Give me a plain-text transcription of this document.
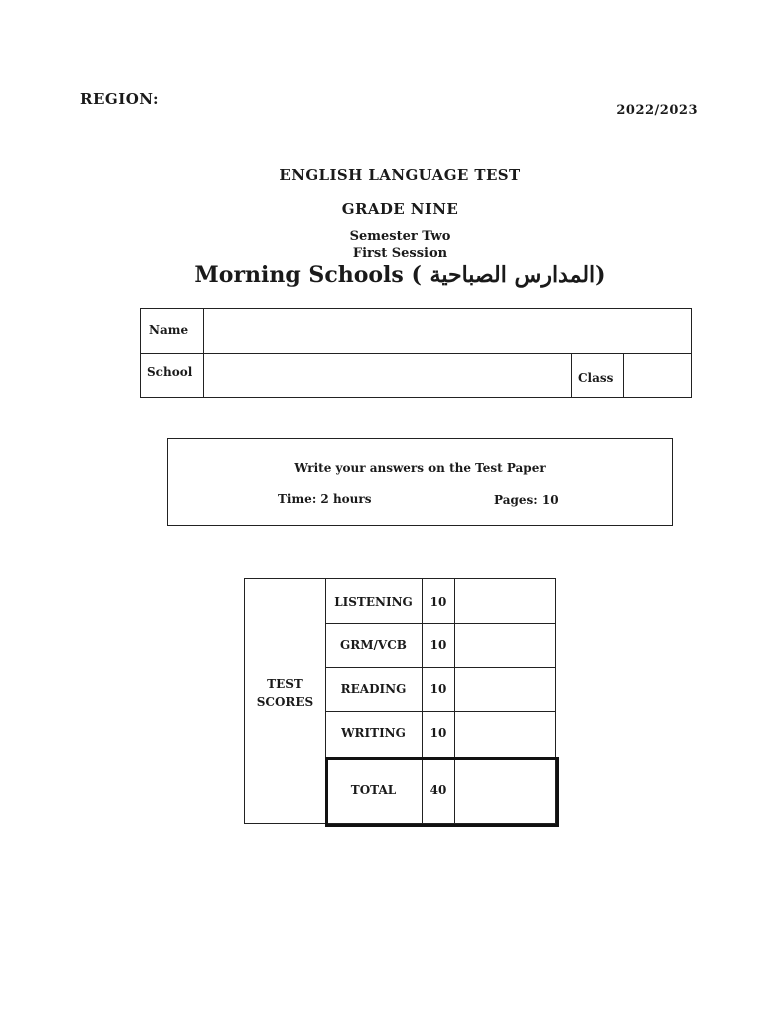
REGION:
2022/2023
ENGLISH LANGUAGE TEST
GRADE NINE
Semester Two
First Session
Morning Schools ( المدارس الصباحية)
Name
School	Class
Write your answers on the Test Paper
Time: 2 hours	Pages: 10
TEST
SCORES
LISTENING	10
GRM/VCB	10
READING	10
WRITING	10
TOTAL	40
